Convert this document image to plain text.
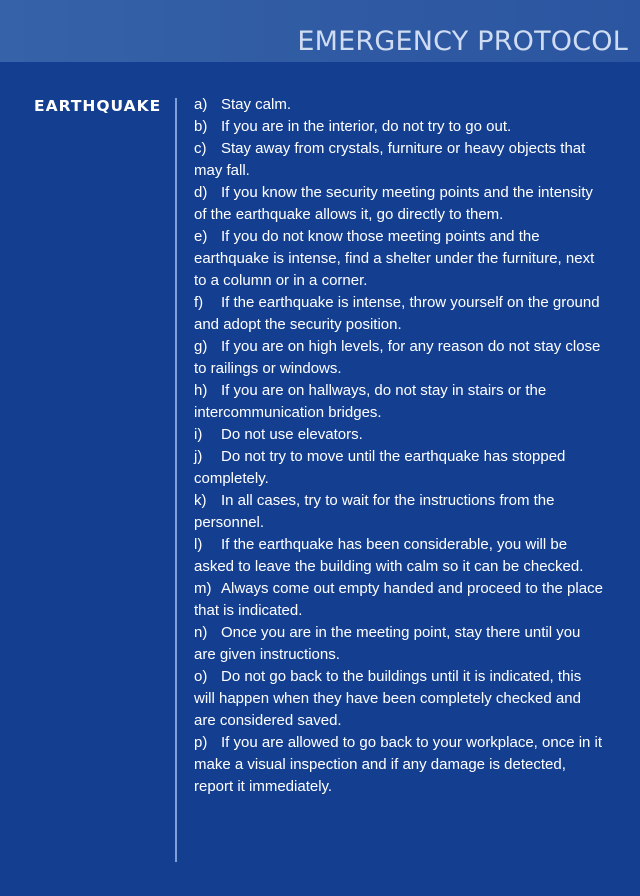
EMERGENCY PROTOCOL
EARTHQUAKE a) Stay calm.
b) If you are in the interior, do not try to go out.
c) Stay away from crystals, furniture or heavy objects that may fall.
d) If you know the security meeting points and the intensity of the earthquake allows it, go directly to them.
e) If you do not know those meeting points and the earthquake is intense, find a shelter under the furniture, next to a column or in a corner.
f) If the earthquake is intense, throw yourself on the ground and adopt the security position.
g) If you are on high levels, for any reason do not stay close to railings or windows.
h) If you are on hallways, do not stay in stairs or the intercommunication bridges.
i) Do not use elevators.
j) Do not try to move until the earthquake has stopped completely.
k) In all cases, try to wait for the instructions from the personnel.
l) If the earthquake has been considerable, you will be asked to leave the building with calm so it can be checked.
m) Always come out empty handed and proceed to the place that is indicated.
n) Once you are in the meeting point, stay there until you are given instructions.
o) Do not go back to the buildings until it is indicated, this will happen when they have been completely checked and are considered saved.
p) If you are allowed to go back to your workplace, once in it make a visual inspection and if any damage is detected, report it immediately.
